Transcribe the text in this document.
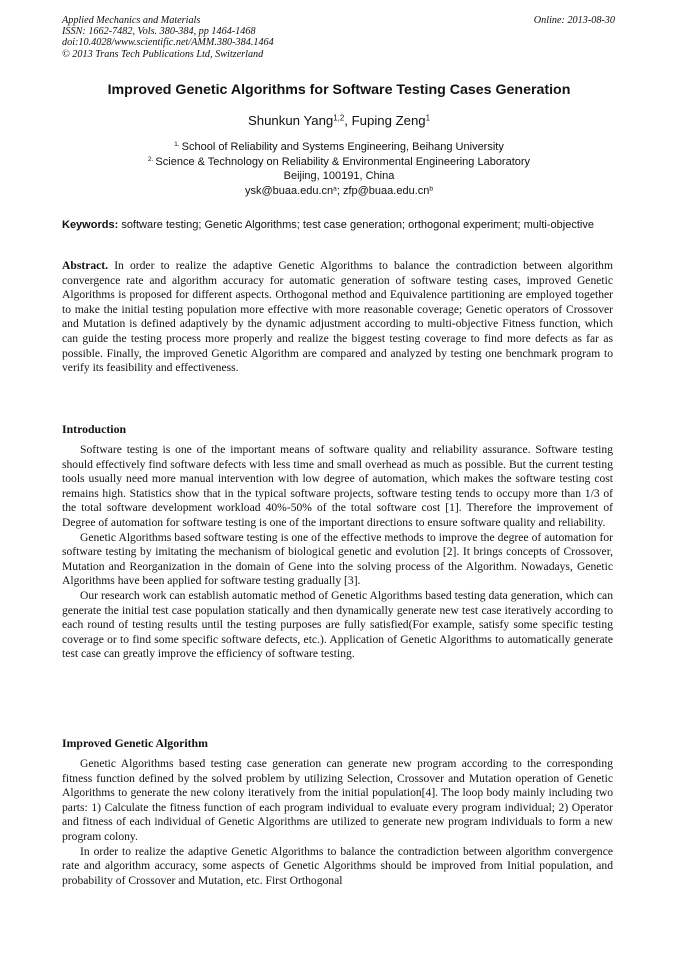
Applied Mechanics and Materials
ISSN: 1662-7482, Vols. 380-384, pp 1464-1468
doi:10.4028/www.scientific.net/AMM.380-384.1464
© 2013 Trans Tech Publications Ltd, Switzerland
Online: 2013-08-30
Improved Genetic Algorithms for Software Testing Cases Generation
Shunkun Yang$^{1,2}$, Fuping Zeng$^1$
$^{1.}$ School of Reliability and Systems Engineering, Beihang University
$^{2.}$ Science & Technology on Reliability & Environmental Engineering Laboratory
Beijing, 100191, China
$ysk@buaa.edu.cn^a$; $zfp@buaa.edu.cn^b$
Keywords: software testing; Genetic Algorithms; test case generation; orthogonal experiment; multi-objective

Abstract. In order to realize the adaptive Genetic Algorithms to balance the contradiction between algorithm convergence rate and algorithm accuracy for automatic generation of software testing cases, improved Genetic Algorithms is proposed for different aspects. Orthogonal method and Equivalence partitioning are employed together to make the initial testing population more effective with more reasonable coverage; Genetic operators of Crossover and Mutation is defined adaptively by the dynamic adjustment according to multi-objective Fitness function, which can guide the testing process more properly and realize the biggest testing coverage to find more defects as far as possible. Finally, the improved Genetic Algorithm are compared and analyzed by testing one benchmark program to verify its feasibility and effectiveness.

Introduction

Software testing is one of the important means of software quality and reliability assurance. Software testing should effectively find software defects with less time and small overhead as much as possible. But the current testing tools usually need more manual intervention with low degree of automation, which makes the software testing cost remains high. Statistics show that in the typical software projects, software testing tends to occupy more than 1/3 of the total software development workload 40%-50% of the total software cost [1]. Therefore the improvement of Degree of automation for software testing is one of the important directions to ensure software quality and reliability.

Genetic Algorithms based software testing is one of the effective methods to improve the degree of automation for software testing by imitating the mechanism of biological genetic and evolution [2]. It brings concepts of Crossover, Mutation and Reorganization in the domain of Gene into the solving process of the Algorithm. Nowadays, Genetic Algorithms have been applied for software testing gradually [3].

Our research work can establish automatic method of Genetic Algorithms based testing data generation, which can generate the initial test case population statically and then dynamically generate new test case iteratively according to each round of testing results until the testing purposes are fully satisfied(For example, satisfy some specific testing coverage or to find some specific software defects, etc.). Application of Genetic Algorithms to automatically generate test case can greatly improve the efficiency of software testing.

Improved Genetic Algorithm

Genetic Algorithms based testing case generation can generate new program according to the corresponding fitness function defined by the solved problem by utilizing Selection, Crossover and Mutation operation of Genetic Algorithms to generate the new colony iteratively from the initial population[4]. The loop body mainly including two parts: 1) Calculate the fitness function of each program individual to evaluate every program individual; 2) Operator and fitness of each individual of Genetic Algorithms are utilized to generate new program individuals to form a new program colony.

In order to realize the adaptive Genetic Algorithms to balance the contradiction between algorithm convergence rate and algorithm accuracy, some aspects of Genetic Algorithms should be improved from Initial population, and probability of Crossover and Mutation, etc. First Orthogonal
